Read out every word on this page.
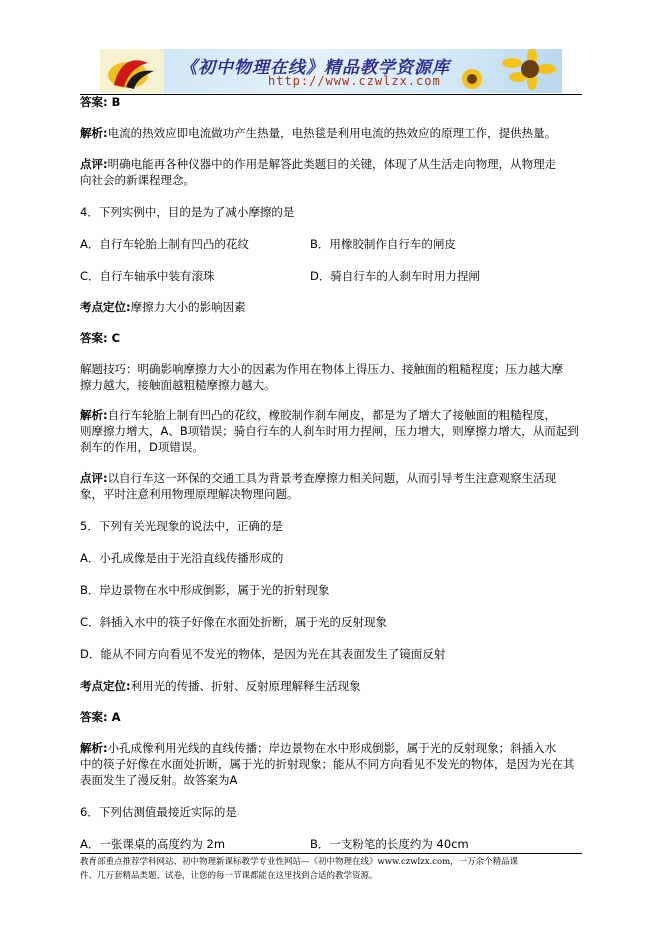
《初中物理在线》精品教学资源库
http://www.czwlzx.com
答案: B
解析:电流的热效应即电流做功产生热量，电热毯是利用电流的热效应的原理工作，提供热量。
点评:明确电能再各种仪器中的作用是解答此类题目的关键，体现了从生活走向物理，从物理走
向社会的新课程理念。
4．下列实例中，目的是为了减小摩擦的是
A．自行车轮胎上制有凹凸的花纹	B．用橡胶制作自行车的闸皮
C．自行车轴承中装有滚珠	D．骑自行车的人刹车时用力捏闸
考点定位:摩擦力大小的影响因素
答案: C
解题技巧：明确影响摩擦力大小的因素为作用在物体上得压力、接触面的粗糙程度；压力越大摩
擦力越大，接触面越粗糙摩擦力越大。
解析:自行车轮胎上制有凹凸的花纹，橡胶制作刹车闸皮，都是为了增大了接触面的粗糙程度，
则摩擦力增大，A、B项错误；骑自行车的人刹车时用力捏闸，压力增大，则摩擦力增大，从而起到
刹车的作用，D项错误。
点评:以自行车这一环保的交通工具为背景考查摩擦力相关问题，从而引导考生注意观察生活现
象，平时注意利用物理原理解决物理问题。
5．下列有关光现象的说法中，正确的是
A．小孔成像是由于光沿直线传播形成的
B．岸边景物在水中形成倒影，属于光的折射现象
C．斜插入水中的筷子好像在水面处折断，属于光的反射现象
D．能从不同方向看见不发光的物体，是因为光在其表面发生了镜面反射
考点定位:利用光的传播、折射、反射原理解释生活现象
答案: A
解析:小孔成像利用光线的直线传播；岸边景物在水中形成倒影，属于光的反射现象；斜插入水
中的筷子好像在水面处折断，属于光的折射现象；能从不同方向看见不发光的物体，是因为光在其
表面发生了漫反射。故答案为A
6．下列估测值最接近实际的是
A．一张课桌的高度约为 2m	B．一支粉笔的长度约为 40cm
教育部重点推荐学科网站、初中物理新课标教学专业性网站—《初中物理在线》www.czwlzx.com，一万余个精品课
件、几万套精品类题、试卷，让您的每一节课都能在这里找到合适的教学资源。
